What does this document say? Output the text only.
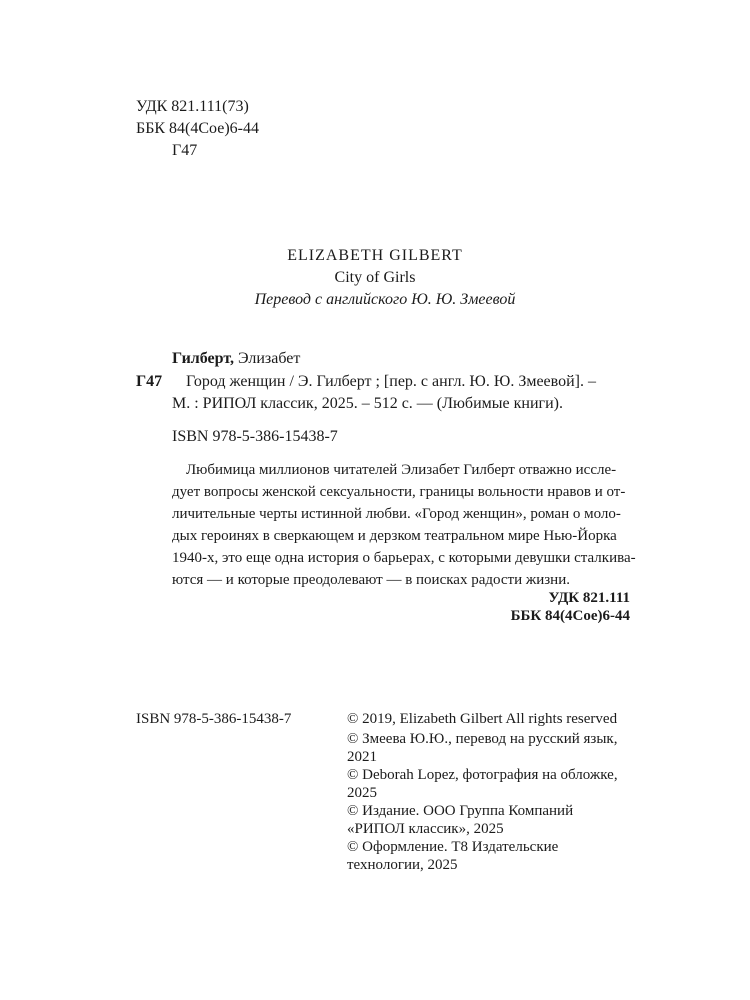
УДК 821.111(73)
ББК 84(4Сое)6-44
Г47
ELIZABETH GILBERT
City of Girls
Перевод с английского Ю. Ю. Змеевой
Гилберт, Элизабет
Г47 Город женщин / Э. Гилберт ; [пер. с англ. Ю. Ю. Змеевой]. –
М. : РИПОЛ классик, 2025. – 512 с. — (Любимые книги).
ISBN 978-5-386-15438-7
Любимица миллионов читателей Элизабет Гилберт отважно иссле-
дует вопросы женской сексуальности, границы вольности нравов и от-
личительные черты истинной любви. «Город женщин», роман о моло-
дых героинях в сверкающем и дерзком театральном мире Нью-Йорка
1940-х, это еще одна история о барьерах, с которыми девушки сталкива-
ются — и которые преодолевают — в поисках радости жизни.
УДК 821.111
ББК 84(4Сое)6-44
ISBN 978-5-386-15438-7	© 2019, Elizabeth Gilbert All rights reserved
© Змеева Ю.Ю., перевод на русский язык,
2021
© Deborah Lopez, фотография на обложке,
2025
© Издание. ООО Группа Компаний
«РИПОЛ классик», 2025
© Оформление. Т8 Издательские
технологии, 2025
